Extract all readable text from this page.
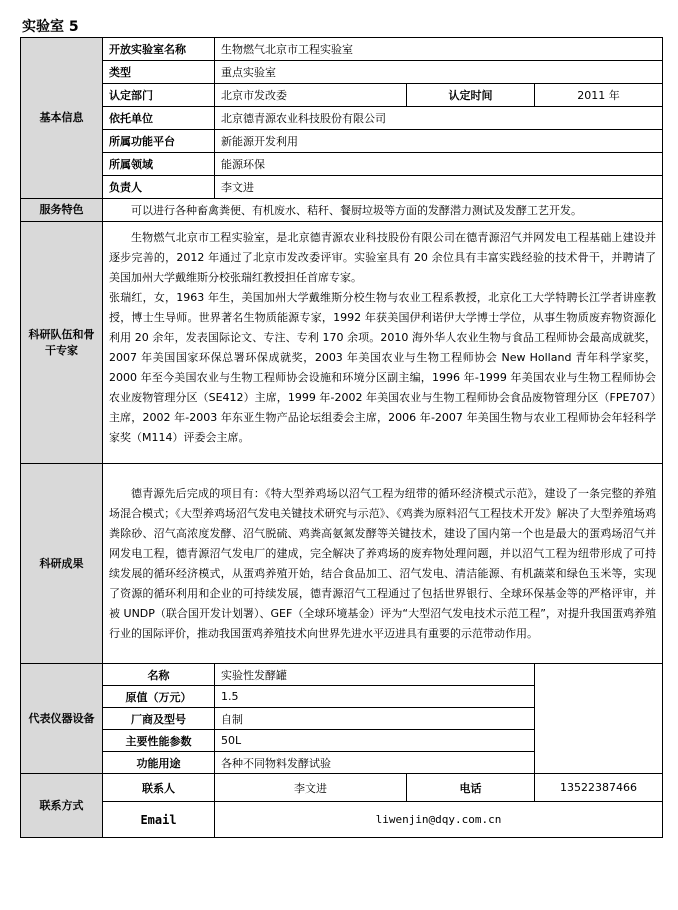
实验室 5
基本信息	开放实验室名称	生物燃气北京市工程实验室		
	类型	重点实验室		
	认定部门	北京市发改委	认定时间	2011 年
	依托单位	北京德青源农业科技股份有限公司		
	所属功能平台	新能源开发利用		
	所属领域	能源环保		
	负责人	李文进		
服务特色	可以进行各种畜禽粪便、有机废水、秸秆、餐厨垃圾等方面的发酵潜力测试及发酵工艺开发。			
科研队伍和骨干专家	生物燃气北京市工程实验室，是北京德青源农业科技股份有限公司在德青源沼气并网发电工程基础上建设并逐步完善的，2012 年通过了北京市发改委评审。实验室具有 20 余位具有丰富实践经验的技术骨干，并聘请了美国加州大学戴维斯分校张瑞红教授担任首席专家。
张瑞红，女，1963 年生，美国加州大学戴维斯分校生物与农业工程系教授，北京化工大学特聘长江学者讲座教授，博士生导师。世界著名生物质能源专家，1992 年获美国伊利诺伊大学博士学位，从事生物质废弃物资源化利用 20 余年，发表国际论文、专注、专利 170 余项。2010 海外华人农业生物与食品工程师协会最高成就奖，2007 年美国国家环保总署环保成就奖，2003 年美国农业与生物工程师协会 New Holland 青年科学家奖，2000 年至今美国农业与生物工程师协会设施和环境分区副主编，1996 年-1999 年美国农业与生物工程师协会农业废物管理分区（SE412）主席，1999 年-2002 年美国农业与生物工程师协会食品废物管理分区（FPE707）主席，2002 年-2003 年东亚生物产品论坛组委会主席，2006 年-2007 年美国生物与农业工程师协会年轻科学家奖（M114）评委会主席。			

科研成果	德青源先后完成的项目有：《特大型养鸡场以沼气工程为纽带的循环经济模式示范》，建设了一条完整的养殖场混合模式；《大型养鸡场沼气发电关键技术研究与示范》、《鸡粪为原料沼气工程技术开发》解决了大型养殖场鸡粪除砂、沼气高浓度发酵、沼气脱硫、鸡粪高氨氮发酵等关键技术，建设了国内第一个也是最大的蛋鸡场沼气并网发电工程，德青源沼气发电厂的建成，完全解决了养鸡场的废弃物处理问题，并以沼气工程为纽带形成了可持续发展的循环经济模式，从蛋鸡养殖开始，结合食品加工、沼气发电、清洁能源、有机蔬菜和绿色玉米等，实现了资源的循环利用和企业的可持续发展，德青源沼气工程通过了包括世界银行、全球环保基金等的严格评审，并被 UNDP（联合国开发计划署）、GEF（全球环境基金）评为“大型沼气发电技术示范工程”，对提升我国蛋鸡养殖行业的国际评价，推动我国蛋鸡养殖技术向世界先进水平迈进具有重要的示范带动作用。			
代表仪器设备	名称	实验性发酵罐		
	原值（万元）	1.5		
	厂商及型号	自制		
	主要性能参数	50L		
	功能用途	各种不同物料发酵试验		
联系方式	联系人	李文进	电话	13522387466
	Email	liwenjin@dqy.com.cn		
